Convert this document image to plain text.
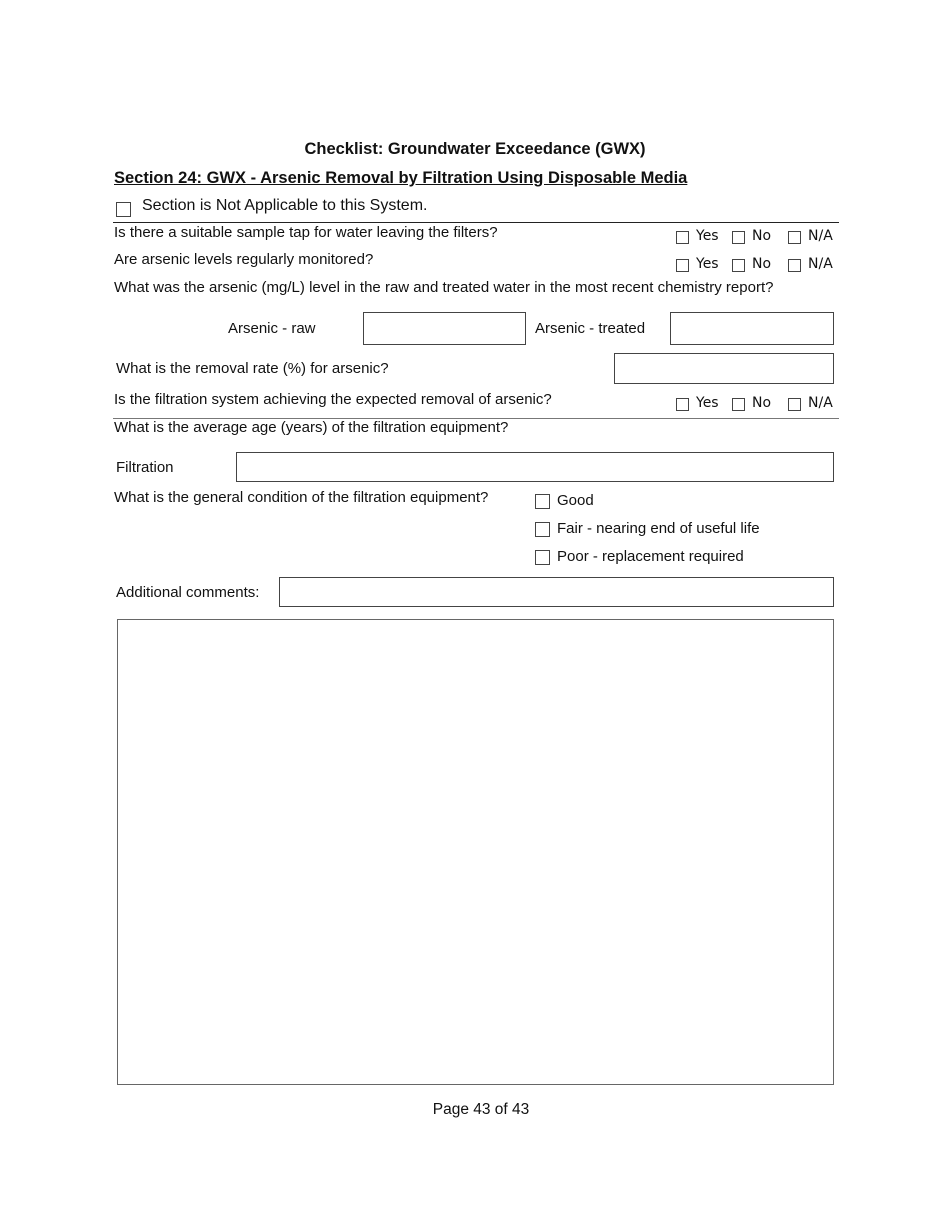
Checklist: Groundwater Exceedance (GWX)
Section 24: GWX - Arsenic Removal by Filtration Using Disposable Media
Section is Not Applicable to this System.
Is there a suitable sample tap for water leaving the filters?	Yes No	N/A
Are arsenic levels regularly monitored?	Yes No	N/A
What was the arsenic (mg/L) level in the raw and treated water in the most recent chemistry report?
Arsenic - raw	Arsenic - treated
What is the removal rate (%) for arsenic?
Is the filtration system achieving the expected removal of arsenic?	Yes No	N/A
What is the average age (years) of the filtration equipment?
Filtration
What is the general condition of the filtration equipment?	Good
Fair - nearing end of useful life
Poor - replacement required
Additional comments:
Page 43 of 43
